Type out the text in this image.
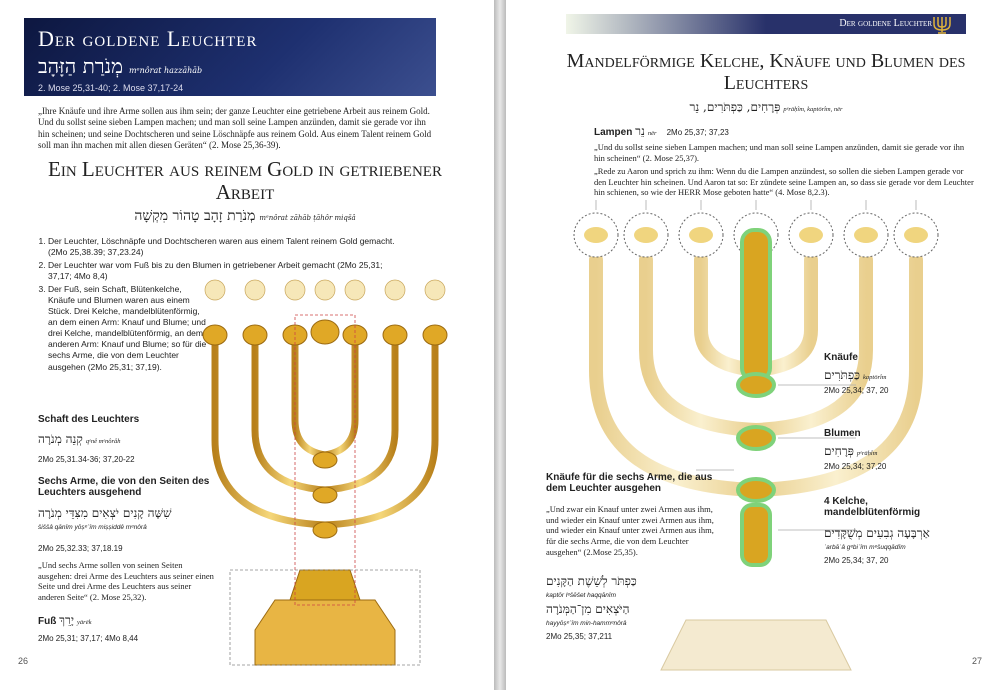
Der goldene Leuchter
מְנֹרַת הַזָּהָב mᵉnôrat hazzāhāb
2. Mose 25,31-40; 2. Mose 37,17-24
„Ihre Knäufe und ihre Arme sollen aus ihm sein; der ganze Leuchter eine getriebene Arbeit aus reinem Gold. Und du sollst seine sieben Lampen machen; und man soll seine Lampen anzünden, damit sie gerade vor ihn hin scheinen; und seine Dochtscheren und seine Löschnäpfe aus reinem Gold. Aus einem Talent reinem Gold soll man ihn machen mit allen diesen Geräten“ (2. Mose 25,36-39).
Ein Leuchter aus reinem Gold in getriebener Arbeit
מְנֹרַת זָהָב טָהוֹר מִקְשָׁה mᵉnôrat zāhāb ṭāhôr miqšâ
1. Der Leuchter, Löschnäpfe und Dochtscheren waren aus einem Talent reinem Gold gemacht. (2Mo 25,38.39; 37,23.24)
2. Der Leuchter war vom Fuß bis zu den Blumen in getriebener Arbeit gemacht (2Mo 25,31; 37,17; 4Mo 8,4)
3. Der Fuß, sein Schaft, Blütenkelche, Knäufe und Blumen waren aus einem Stück. Drei Kelche, mandelblütenförmig, an dem einen Arm: Knauf und Blume; und drei Kelche, mandelblütenförmig, an dem anderen Arm: Knauf und Blume; so für die sechs Arme, die von dem Leuchter ausgehen (2Mo 25,31; 37,19).
Schaft des Leuchters
קְנֵה מְנֹרָה qᵉnê mᵉnôrâh
2Mo 25,31.34-36; 37,20-22
Sechs Arme, die von den Seiten des Leuchters ausgehend
שִׁשָּׁה קָנִים יֹצְאִים מִצִּדֵּי מְנֹרָה
šiššâ qānîm yōṣᵉʾîm miṣṣiddê mᵉnôrâ
2Mo 25,32.33; 37,18.19
„Und sechs Arme sollen von seinen Seiten ausgehen: drei Arme des Leuchters aus seiner einen Seite und drei Arme des Leuchters aus seiner anderen Seite“ (2. Mose 25,32).
Fuß יָרֵךְ yārēk
2Mo 25,31; 37,17; 4Mo 8,44
26
Der goldene Leuchter
Mandelförmige Kelche, Knäufe und Blumen des Leuchters
פְּרָחִים, כַּפְתֹּרִים, נֵר pᵉrāḥîm, kaptōrîm, nēr
Lampen נֵר nēr 2Mo 25,37; 37,23
„Und du sollst seine sieben Lampen machen; und man soll seine Lampen anzünden, damit sie gerade vor ihn hin scheinen“ (2. Mose 25,37).
„Rede zu Aaron und sprich zu ihm: Wenn du die Lampen anzündest, so sollen die sieben Lampen gerade vor den Leuchter hin scheinen. Und Aaron tat so: Er zündete seine Lampen an, so dass sie gerade vor dem Leuchter hin schienen, so wie der HERR Mose geboten hatte“ (4. Mose 8,2.3).
Knäufe
כַּפְתֹּרִים kaptōrîm
2Mo 25,34; 37, 20
Blumen
פְּרָחִים pᵉrāḥîm
2Mo 25,34; 37,20
4 Kelche, mandelblütenförmig
אַרְבָּעָה גְבִעִים מְשֻׁקָּדִים
ʾarbāʿâ gᵉbiʿîm mᵉšuqqādîm
2Mo 25,34; 37, 20
Knäufe für die sechs Arme, die aus dem Leuchter ausgehen
„Und zwar ein Knauf unter zwei Armen aus ihm, und wieder ein Knauf unter zwei Armen aus ihm, und wieder ein Knauf unter zwei Armen aus ihm, für die sechs Arme, die von dem Leuchter ausgehen“ (2.Mose 25,35).
כַּפְתֹּר לְשֵׁשֶׁת הַקָּנִים
kaptōr lᵉšēšet haqqānîm
הַיֹּצְאִים מִן־הַמְּנֹרָה
hayyōṣᵉʾîm min-hammᵉnôrâ
2Mo 25,35; 37,211
27
